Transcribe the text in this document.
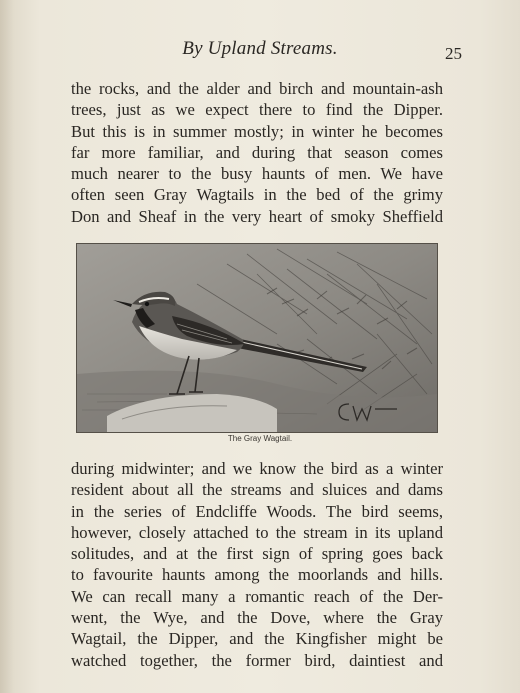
By Upland Streams.	25
the rocks, and the alder and birch and mountain-ash
trees, just as we expect there to find the Dipper.
But this is in summer mostly; in winter he becomes
far more familiar, and during that season comes
much nearer to the busy haunts of men. We have
often seen Gray Wagtails in the bed of the grimy
Don and Sheaf in the very heart of smoky Sheffield
The Gray Wagtail.
during midwinter; and we know the bird as a winter
resident about all the streams and sluices and dams
in the series of Endcliffe Woods. The bird seems,
however, closely attached to the stream in its upland
solitudes, and at the first sign of spring goes back
to favourite haunts among the moorlands and hills.
We can recall many a romantic reach of the Der-
went, the Wye, and the Dove, where the Gray
Wagtail, the Dipper, and the Kingfisher might be
watched together, the former bird, daintiest and
